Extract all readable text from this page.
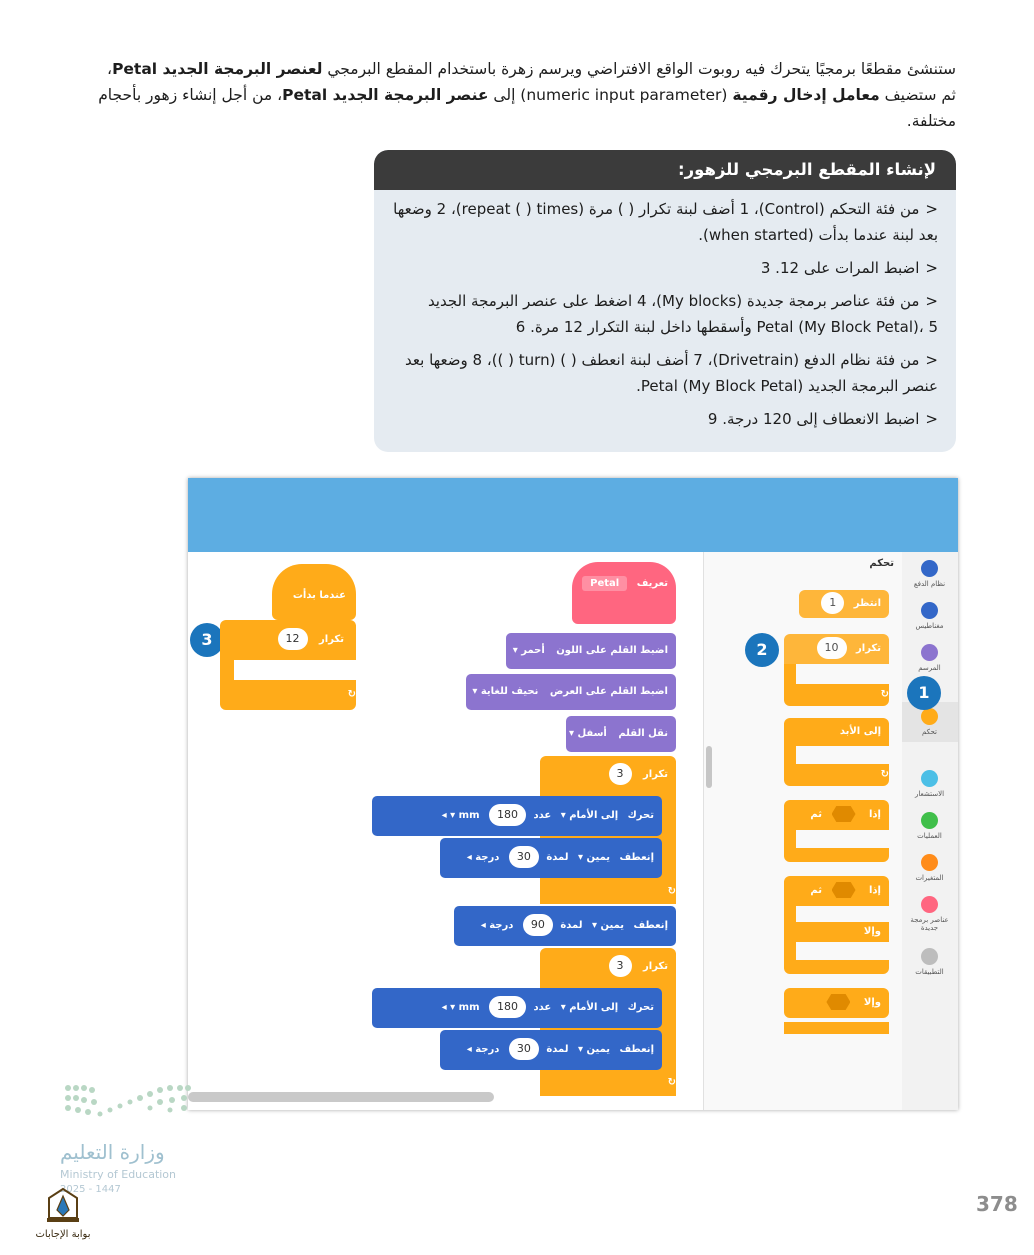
ستنشئ مقطعًا برمجيًا يتحرك فيه روبوت الواقع الافتراضي ويرسم زهرة باستخدام المقطع البرمجي لعنصر البرمجة الجديد Petal،
ثم ستضيف معامل إدخال رقمية (numeric input parameter) إلى عنصر البرمجة الجديد Petal، من أجل إنشاء زهور بأحجام مختلفة.
لإنشاء المقطع البرمجي للزهور:
<من فئة التحكم (Control)، 1 أضف لبنة تكرار ( ) مرة (repeat ( ) times)، 2 وضعها بعد لبنة عندما بدأت (when started).
<اضبط المرات على 12. 3
<من فئة عناصر برمجة جديدة (My blocks)، 4 اضغط على عنصر البرمجة الجديد Petal (My Block Petal)، 5 وأسقطها داخل لبنة التكرار 12 مرة. 6
<من فئة نظام الدفع (Drivetrain)، 7 أضف لبنة انعطف ( ) (turn ( ))، 8 وضعها بعد عنصر البرمجة الجديد Petal (My Block Petal).
<اضبط الانعطاف إلى 120 درجة. 9
نظام الدفع
مغناطيس
المرسم
تحكم
الاستشعار
العمليات
المتغيرات
عناصر برمجة جديدة
التطبيقات
تحكم
انتظر 1
تكرار 10
↻
إلى الأبد
↻
إذا  ثم
إذا  ثم
وإلا
وإلا
1
2
3
عندما بدأت
تكرار 12
↻
تعريف Petal
اضبط القلم على اللون أحمر ▾
اضبط القلم على العرض نحيف للغاية ▾
نقل القلم أسفل ▾
تكرار 3
تحرك إلى الأمام ▾ عدد 180 mm ▾ ◂
إنعطف يمين ▾ لمدة 30 درجة ◂
↻
إنعطف يمين ▾ لمدة 90 درجة ◂
تكرار 3
تحرك إلى الأمام ▾ عدد 180 mm ▾ ◂
إنعطف يمين ▾ لمدة 30 درجة ◂
↻
وزارة التعليم
Ministry of Education
2025 - 1447
378
بوابة الإجابات
